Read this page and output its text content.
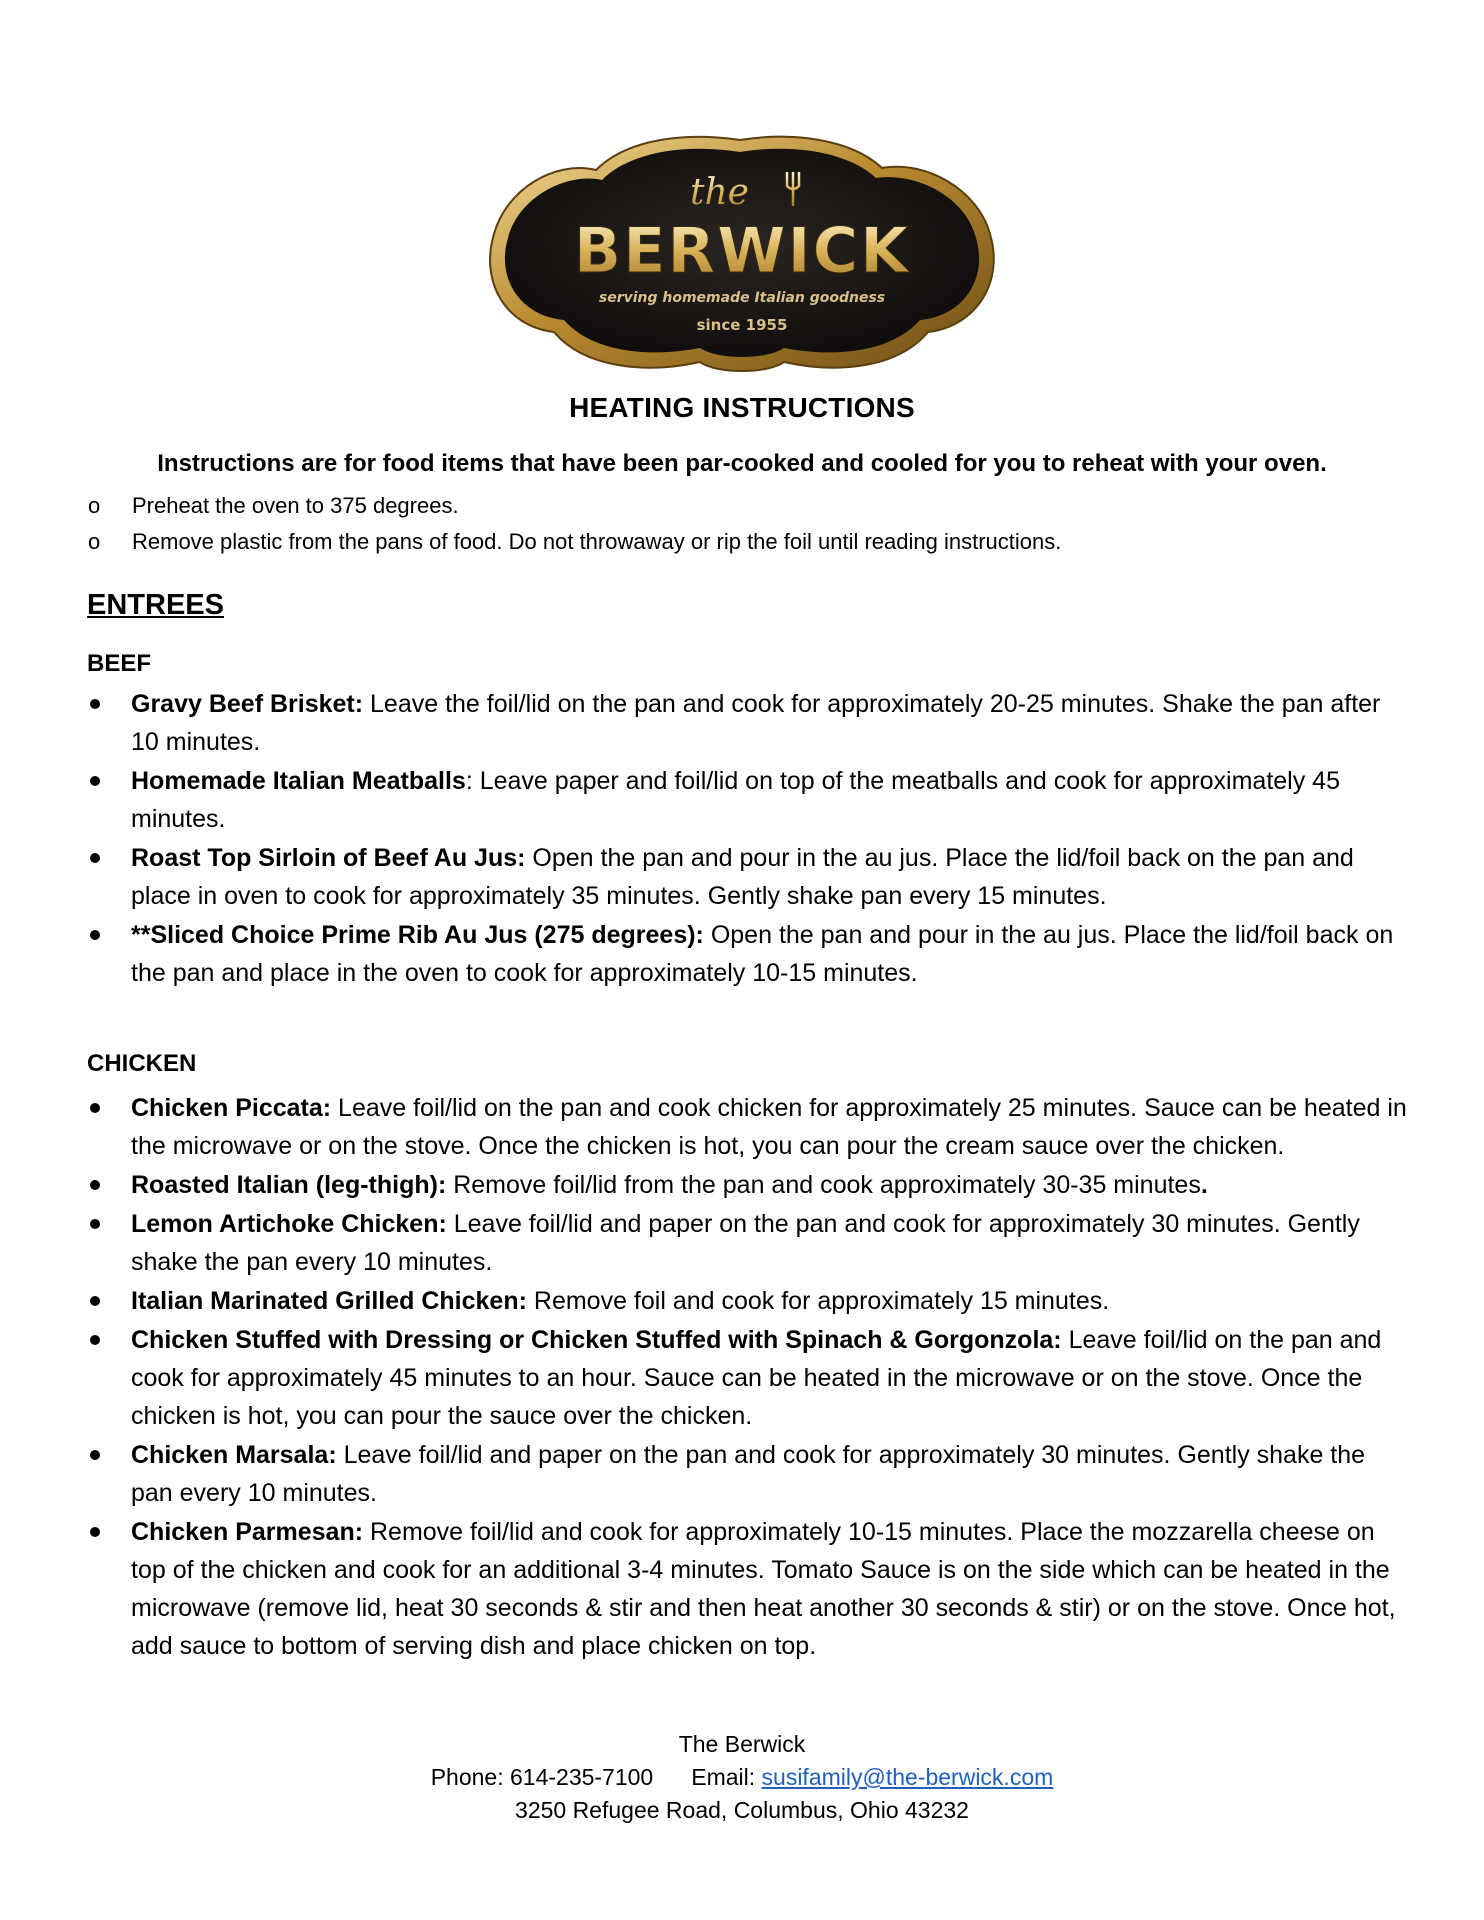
the
BERWICK
serving homemade Italian goodness
since 1955
HEATING INSTRUCTIONS
Instructions are for food items that have been par-cooked and cooled for you to reheat with your oven.
o Preheat the oven to 375 degrees.
o Remove plastic from the pans of food. Do not throwaway or rip the foil until reading instructions.
ENTREES
BEEF
Gravy Beef Brisket: Leave the foil/lid on the pan and cook for approximately 20-25 minutes. Shake the pan after 10 minutes.
Homemade Italian Meatballs: Leave paper and foil/lid on top of the meatballs and cook for approximately 45 minutes.
Roast Top Sirloin of Beef Au Jus: Open the pan and pour in the au jus. Place the lid/foil back on the pan and place in oven to cook for approximately 35 minutes. Gently shake pan every 15 minutes.
**Sliced Choice Prime Rib Au Jus (275 degrees): Open the pan and pour in the au jus. Place the lid/foil back on the pan and place in the oven to cook for approximately 10-15 minutes.
CHICKEN
Chicken Piccata: Leave foil/lid on the pan and cook chicken for approximately 25 minutes. Sauce can be heated in the microwave or on the stove. Once the chicken is hot, you can pour the cream sauce over the chicken.
Roasted Italian (leg-thigh): Remove foil/lid from the pan and cook approximately 30-35 minutes.
Lemon Artichoke Chicken: Leave foil/lid and paper on the pan and cook for approximately 30 minutes. Gently shake the pan every 10 minutes.
Italian Marinated Grilled Chicken: Remove foil and cook for approximately 15 minutes.
Chicken Stuffed with Dressing or Chicken Stuffed with Spinach & Gorgonzola: Leave foil/lid on the pan and cook for approximately 45 minutes to an hour. Sauce can be heated in the microwave or on the stove. Once the chicken is hot, you can pour the sauce over the chicken.
Chicken Marsala: Leave foil/lid and paper on the pan and cook for approximately 30 minutes. Gently shake the pan every 10 minutes.
Chicken Parmesan: Remove foil/lid and cook for approximately 10-15 minutes. Place the mozzarella cheese on top of the chicken and cook for an additional 3-4 minutes. Tomato Sauce is on the side which can be heated in the microwave (remove lid, heat 30 seconds & stir and then heat another 30 seconds & stir) or on the stove. Once hot, add sauce to bottom of serving dish and place chicken on top.
The Berwick
Phone: 614-235-7100 Email: susifamily@the-berwick.com
3250 Refugee Road, Columbus, Ohio 43232
